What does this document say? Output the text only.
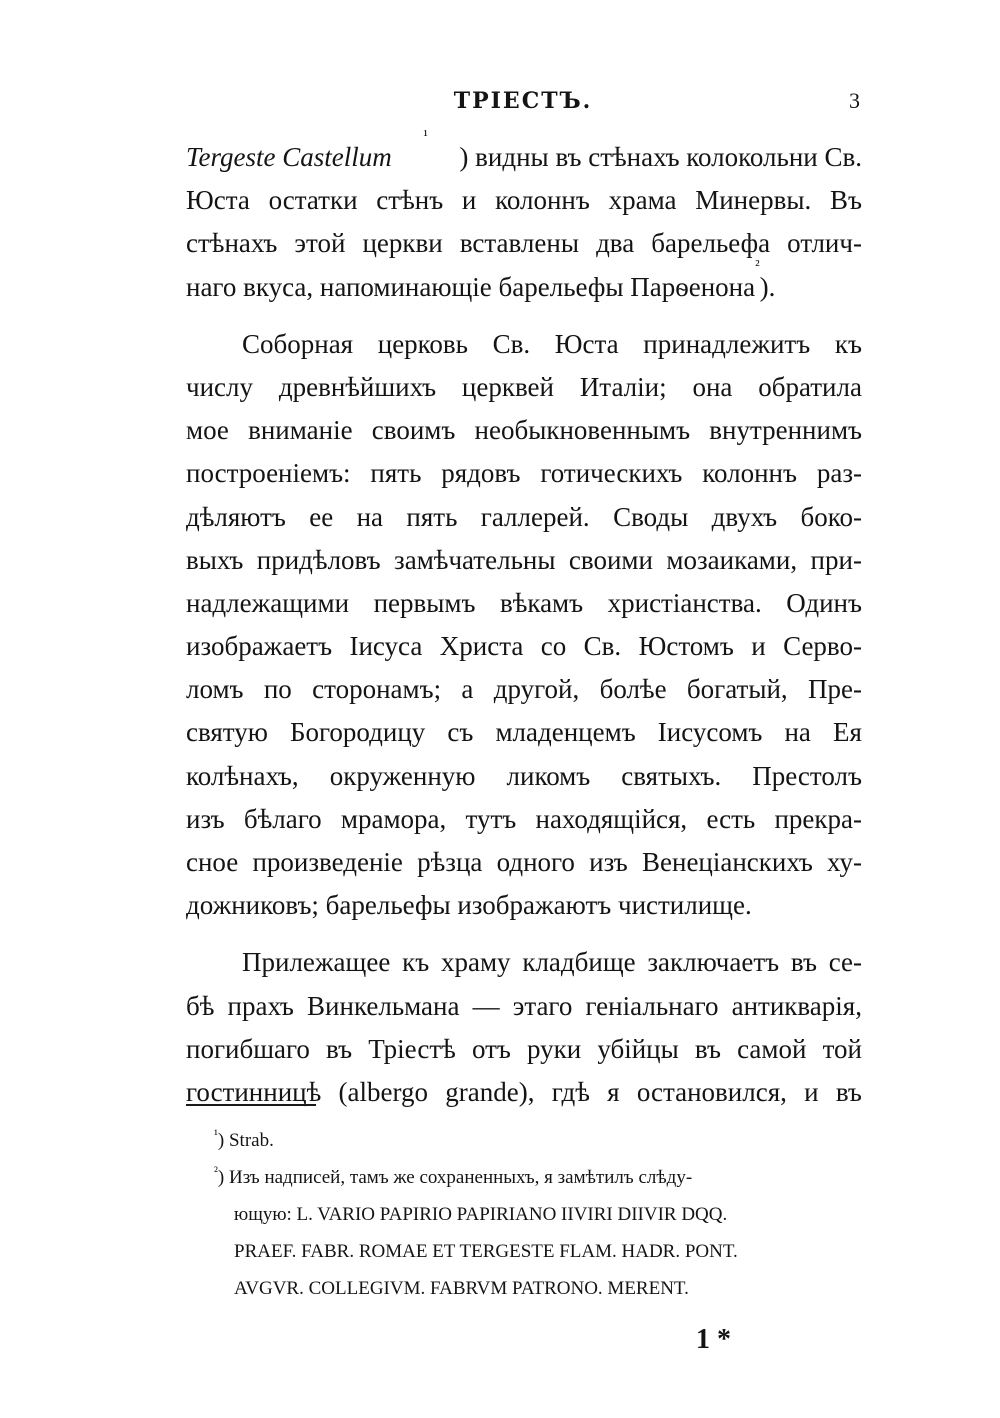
ТРІЕСТЪ.	3
Tergeste Castellum
¹
) видны въ стѣнахъ колокольни Св.
Юста остатки стѣнъ и колоннъ храма Минервы. Въ
стѣнахъ этой церкви вставлены два барельефа отлич-
наго вкуса, напоминающіе барельефы Парѳенона
²
).
Соборная церковь Св. Юста принадлежитъ къ
числу древнѣйшихъ церквей Италіи; она обратила
мое вниманіе своимъ необыкновеннымъ внутреннимъ
построеніемъ: пять рядовъ готическихъ колоннъ раз-
дѣляютъ ее на пять галлерей. Своды двухъ боко-
выхъ придѣловъ замѣчательны своими мозаиками, при-
надлежащими первымъ вѣкамъ христіанства. Одинъ
изображаетъ Іисуса Христа со Св. Юстомъ и Серво-
ломъ по сторонамъ; а другой, болѣе богатый, Пре-
святую Богородицу съ младенцемъ Іисусомъ на Ея
колѣнахъ, окруженную ликомъ святыхъ. Престолъ
изъ бѣлаго мрамора, тутъ находящійся, есть прекра-
сное произведеніе рѣзца одного изъ Венеціанскихъ ху-
дожниковъ; барельефы изображаютъ чистилище.
Прилежащее къ храму кладбище заключаетъ въ се-
бѣ прахъ Винкельмана — этаго геніальнаго антикварія,
погибшаго въ Тріестѣ отъ руки убійцы въ самой той
гостинницѣ (albergo grande), гдѣ я остановился, и въ
$^{^1}$) Strab.
$^{^2}$) Изъ надписей, тамъ же сохраненныхъ, я замѣтилъ слѣду-
ющую: L. VARIO PAPIRIO PAPIRIANO IIVIRI DIIVIR DQQ.
PRAEF. FABR. ROMAE ET TERGESTE FLAM. HADR. PONT.
AVGVR. COLLEGIVM. FABRVM PATRONO. MERENT.
1 *
